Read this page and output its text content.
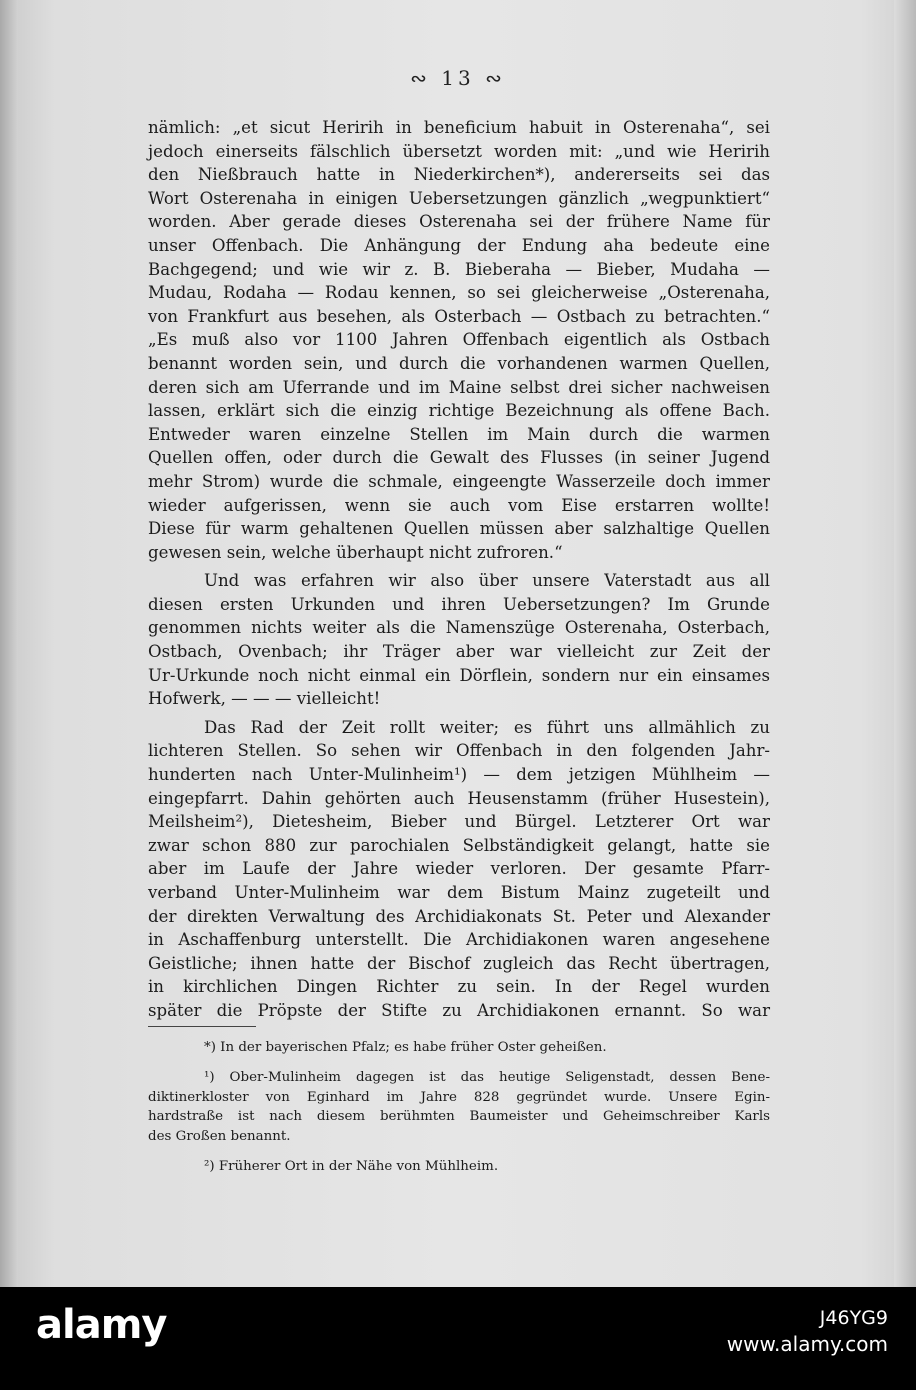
∾ 13 ∾
nämlich: „et sicut Heririh in beneficium habuit in Osterenaha“, sei
jedoch einerseits fälschlich übersetzt worden mit: „und wie Heririh
den Nießbrauch hatte in Niederkirchen*), andererseits sei das
Wort Osterenaha in einigen Uebersetzungen gänzlich „wegpunktiert“
worden. Aber gerade dieses Osterenaha sei der frühere Name für
unser Offenbach. Die Anhängung der Endung aha bedeute eine
Bachgegend; und wie wir z. B. Bieberaha — Bieber, Mudaha —
Mudau, Rodaha — Rodau kennen, so sei gleicherweise „Osterenaha,
von Frankfurt aus besehen, als Osterbach — Ostbach zu betrachten.“
„Es muß also vor 1100 Jahren Offenbach eigentlich als Ostbach
benannt worden sein, und durch die vorhandenen warmen Quellen,
deren sich am Uferrande und im Maine selbst drei sicher nachweisen
lassen, erklärt sich die einzig richtige Bezeichnung als offene Bach.
Entweder waren einzelne Stellen im Main durch die warmen
Quellen offen, oder durch die Gewalt des Flusses (in seiner Jugend
mehr Strom) wurde die schmale, eingeengte Wasserzeile doch immer
wieder aufgerissen, wenn sie auch vom Eise erstarren wollte!
Diese für warm gehaltenen Quellen müssen aber salzhaltige Quellen
gewesen sein, welche überhaupt nicht zufroren.“
Und was erfahren wir also über unsere Vaterstadt aus all
diesen ersten Urkunden und ihren Uebersetzungen? Im Grunde
genommen nichts weiter als die Namenszüge Osterenaha, Osterbach,
Ostbach, Ovenbach; ihr Träger aber war vielleicht zur Zeit der
Ur-Urkunde noch nicht einmal ein Dörflein, sondern nur ein einsames
Hofwerk, — — — vielleicht!
Das Rad der Zeit rollt weiter; es führt uns allmählich zu
lichteren Stellen. So sehen wir Offenbach in den folgenden Jahr-
hunderten nach Unter-Mulinheim¹) — dem jetzigen Mühlheim —
eingepfarrt. Dahin gehörten auch Heusenstamm (früher Husestein),
Meilsheim²), Dietesheim, Bieber und Bürgel. Letzterer Ort war
zwar schon 880 zur parochialen Selbständigkeit gelangt, hatte sie
aber im Laufe der Jahre wieder verloren. Der gesamte Pfarr-
verband Unter-Mulinheim war dem Bistum Mainz zugeteilt und
der direkten Verwaltung des Archidiakonats St. Peter und Alexander
in Aschaffenburg unterstellt. Die Archidiakonen waren angesehene
Geistliche; ihnen hatte der Bischof zugleich das Recht übertragen,
in kirchlichen Dingen Richter zu sein. In der Regel wurden
später die Pröpste der Stifte zu Archidiakonen ernannt. So war
*) In der bayerischen Pfalz; es habe früher Oster geheißen.
¹) Ober-Mulinheim dagegen ist das heutige Seligenstadt, dessen Bene-
diktinerkloster von Eginhard im Jahre 828 gegründet wurde. Unsere Egin-
hardstraße ist nach diesem berühmten Baumeister und Geheimschreiber Karls
des Großen benannt.
²) Früherer Ort in der Nähe von Mühlheim.
alamy	J46YG9
www.alamy.com
